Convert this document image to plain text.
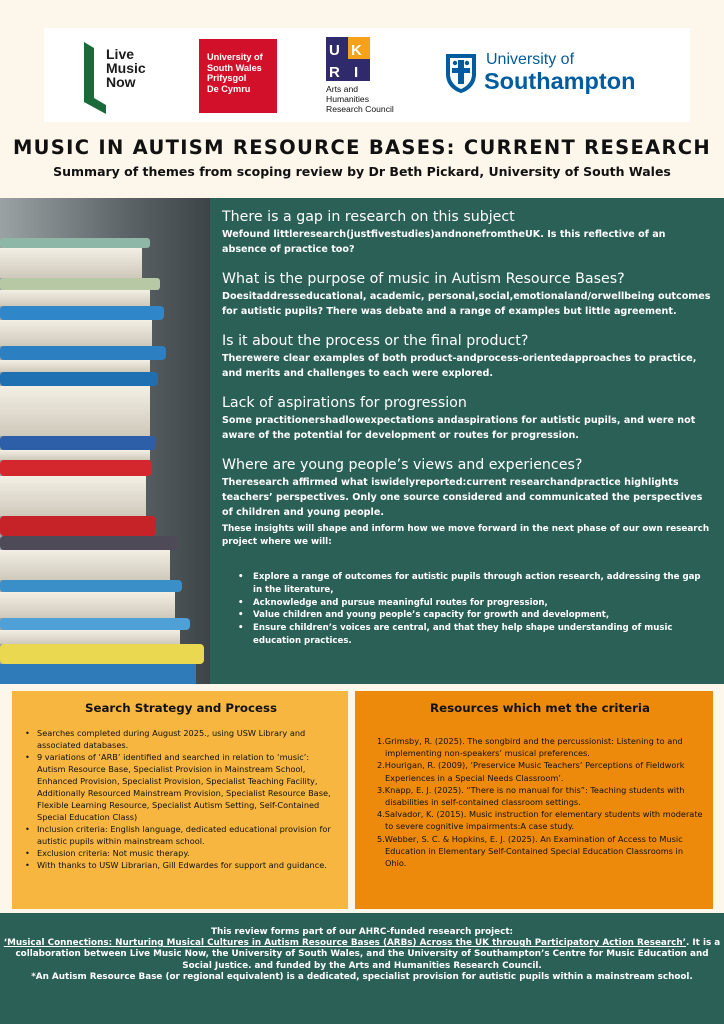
Live
Music
Now
University of
South Wales
Prifysgol
De Cymru
U K
R I
Arts and
Humanities
Research Council
University of
Southampton
MUSIC IN AUTISM RESOURCE BASES: CURRENT RESEARCH
Summary of themes from scoping review by Dr Beth Pickard, University of South Wales
There is a gap in research on this subject
Wefound littleresearch(justfivestudies)andnonefromtheUK. Is this reflective of an absence of practice too?
What is the purpose of music in Autism Resource Bases?
Doesitaddresseducational, academic, personal,social,emotionaland/orwellbeing outcomes for autistic pupils? There was debate and a range of examples but little agreement.
Is it about the process or the final product?
Therewere clear examples of both product-andprocess-orientedapproaches to practice, and merits and challenges to each were explored.
Lack of aspirations for progression
Some practitionershadlowexpectations andaspirations for autistic pupils, and were not aware of the potential for development or routes for progression.
Where are young people’s views and experiences?
Theresearch affirmed what iswidelyreported:current researchandpractice highlights teachers’ perspectives. Only one source considered and communicated the perspectives of children and young people.
These insights will shape and inform how we move forward in the next phase of our own research project where we will:
• Explore a range of outcomes for autistic pupils through action research, addressing the gap in the literature,
• Acknowledge and pursue meaningful routes for progression,
• Value children and young people’s capacity for growth and development,
• Ensure children’s voices are central, and that they help shape understanding of music education practices.
Search Strategy and Process
• Searches completed during August 2025., using USW Library and associated databases.
• 9 variations of ‘ARB’ identified and searched in relation to ‘music’: Autism Resource Base, Specialist Provision in Mainstream School, Enhanced Provision, Specialist Provision, Specialist Teaching Facility, Additionally Resourced Mainstream Provision, Specialist Resource Base, Flexible Learning Resource, Specialist Autism Setting, Self-Contained Special Education Class)
• Inclusion criteria: English language, dedicated educational provision for autistic pupils within mainstream school.
• Exclusion criteria: Not music therapy.
• With thanks to USW Librarian, Gill Edwardes for support and guidance.
Resources which met the criteria
1.Grimsby, R. (2025). The songbird and the percussionist: Listening to and implementing non-speakers’ musical preferences.
2.Hourigan, R. (2009), ‘Preservice Music Teachers’ Perceptions of Fieldwork Experiences in a Special Needs Classroom’.
3.Knapp, E. J. (2025). “There is no manual for this”: Teaching students with disabilities in self-contained classroom settings.
4.Salvador, K. (2015). Music instruction for elementary students with moderate to severe cognitive impairments:A case study.
5.Webber, S. C. & Hopkins, E. J. (2025). An Examination of Access to Music Education in Elementary Self-Contained Special Education Classrooms in Ohio.

This review forms part of our AHRC-funded research project:

‘Musical Connections: Nurturing Musical Cultures in Autism Resource Bases (ARBs) Across the UK through Participatory Action Research’. It is a collaboration between Live Music Now, the University of South Wales, and the University of Southampton’s Centre for Music Education and Social Justice. and funded by the Arts and Humanities Research Council.

*An Autism Resource Base (or regional equivalent) is a dedicated, specialist provision for autistic pupils within a mainstream school.
